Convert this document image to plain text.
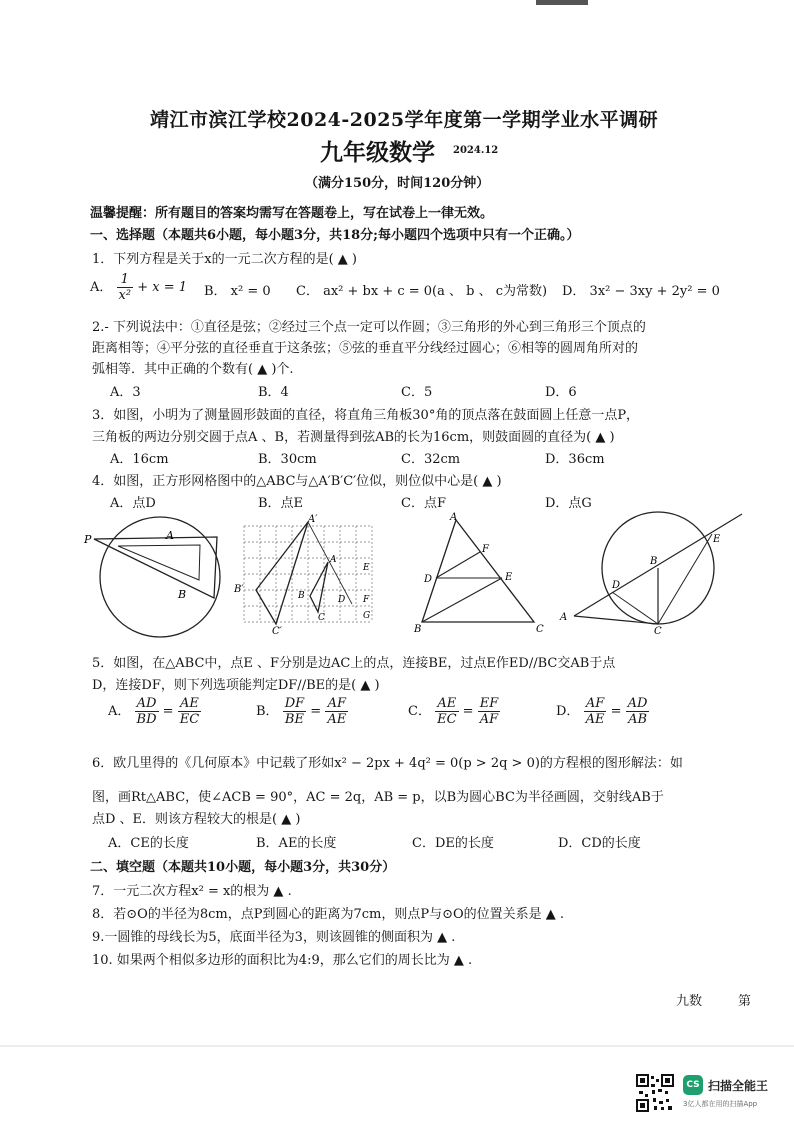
靖江市滨江学校2024-2025学年度第一学期学业水平调研
九年级数学 2024.12
（满分150分，时间120分钟）
温馨提醒：所有题目的答案均需写在答题卷上，写在试卷上一律无效。
一、选择题（本题共6小题，每小题3分，共18分;每小题四个选项中只有一个正确。）
1．下列方程是关于x的一元二次方程的是( ▲ )
A． $\frac{1}{\text{x²}} + x = 1$ B． x² = 0 C． ax² + bx + c = 0(a 、 b 、 c为常数) D． 3x² − 3xy + 2y² = 0
2.- 下列说法中：①直径是弦；②经过三个点一定可以作圆；③三角形的外心到三角形三个顶点的
距离相等；④平分弦的直径垂直于这条弦；⑤弦的垂直平分线经过圆心；⑥相等的圆周角所对的
弧相等．其中正确的个数有( ▲ )个.
A．3	B．4	C．5	D．6
3．如图，小明为了测量圆形鼓面的直径，将直角三角板30°角的顶点落在鼓面圆上任意一点P，
三角板的两边分别交圆于点A 、B，若测量得到弦AB的长为16cm，则鼓面圆的直径为( ▲ )
A．16cm	B．30cm	C．32cm	D．36cm
4．如图，正方形网格图中的△ABC与△A′B′C′位似，则位似中心是( ▲ )
A．点D	B．点E	C．点F	D．点G
P	A
B
A′
B′
C′
E
D F
G
A
B
C
A
F
D	E
B	C
E
B
D
A
C
5．如图，在△ABC中，点E 、F分别是边AC上的点，连接BE，过点E作ED//BC交AB于点
D，连接DF，则下列选项能判定DF//BE的是( ▲ )
A． $\frac{AD}{BD} = \frac{AE}{EC}$	B． $\frac{DF}{BE} = \frac{AF}{AE}$	C． $\frac{AE}{EC} = \frac{EF}{AF}$	D． $\frac{AF}{AE} = \frac{AD}{AB}$
6．欧几里得的《几何原本》中记载了形如x² − 2px + 4q² = 0(p > 2q > 0)的方程根的图形解法：如
图，画Rt△ABC，使∠ACB = 90°，AC = 2q，AB = p，以B为圆心BC为半径画圆，交射线AB于
点D 、E．则该方程较大的根是( ▲ )
A．CE的长度	B．AE的长度	C．DE的长度	D．CD的长度
二、填空题（本题共10小题，每小题3分，共30分）
7．一元二次方程x² = x的根为 ▲ .
8．若⊙O的半径为8cm，点P到圆心的距离为7cm，则点P与⊙O的位置关系是 ▲ .
9.一圆锥的母线长为5，底面半径为3，则该圆锥的侧面积为 ▲ .
10. 如果两个相似多边形的面积比为4:9，那么它们的周长比为 ▲ .
九数	第
CS 扫描全能王
3亿人都在用的扫描App
